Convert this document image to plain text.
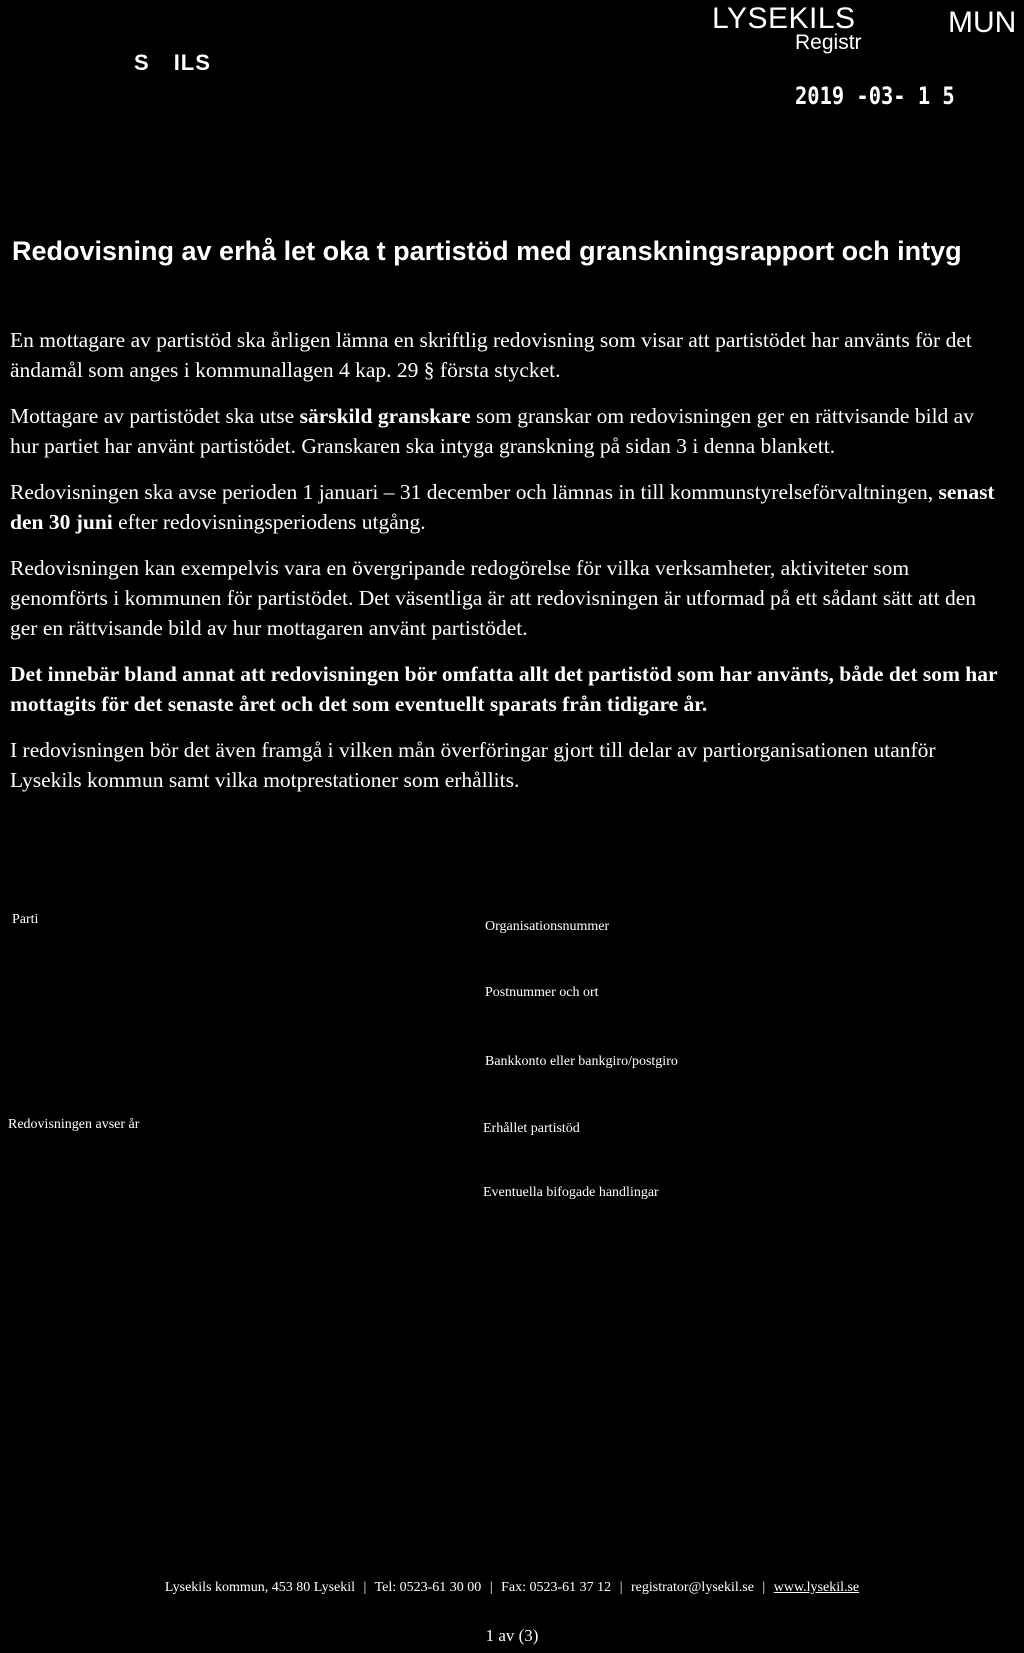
S ILS
LYSEKILS	MUN
Registr
2019 -03- 1 5
Redovisning av erhå let oka t partistöd med granskningsrapport och intyg

En mottagare av partistöd ska årligen lämna en skriftlig redovisning som visar att partistödet har använts för det ändamål som anges i kommunallagen 4 kap. 29 § första stycket.

Mottagare av partistödet ska utse särskild granskare som granskar om redovisningen ger en rättvisande bild av hur partiet har använt partistödet. Granskaren ska intyga granskning på sidan 3 i denna blankett.

Redovisningen ska avse perioden 1 januari – 31 december och lämnas in till kommunstyrelseförvaltningen, senast den 30 juni efter redovisningsperiodens utgång.

Redovisningen kan exempelvis vara en övergripande redogörelse för vilka verksamheter, aktiviteter som genomförts i kommunen för partistödet. Det väsentliga är att redovisningen är utformad på ett sådant sätt att den ger en rättvisande bild av hur mottagaren använt partistödet.

Det innebär bland annat att redovisningen bör omfatta allt det partistöd som har använts, både det som har mottagits för det senaste året och det som eventuellt sparats från tidigare år.

I redovisningen bör det även framgå i vilken mån överföringar gjort till delar av partiorganisationen utanför Lysekils kommun samt vilka motprestationer som erhållits.

Parti	Organisationsnummer
Postnummer och ort
Bankkonto eller bankgiro/postgiro
Redovisningen avser år	Erhållet partistöd
Eventuella bifogade handlingar
Lysekils kommun, 453 80 Lysekil | Tel: 0523-61 30 00 | Fax: 0523-61 37 12 | registrator@lysekil.se | www.lysekil.se
1 av (3)
